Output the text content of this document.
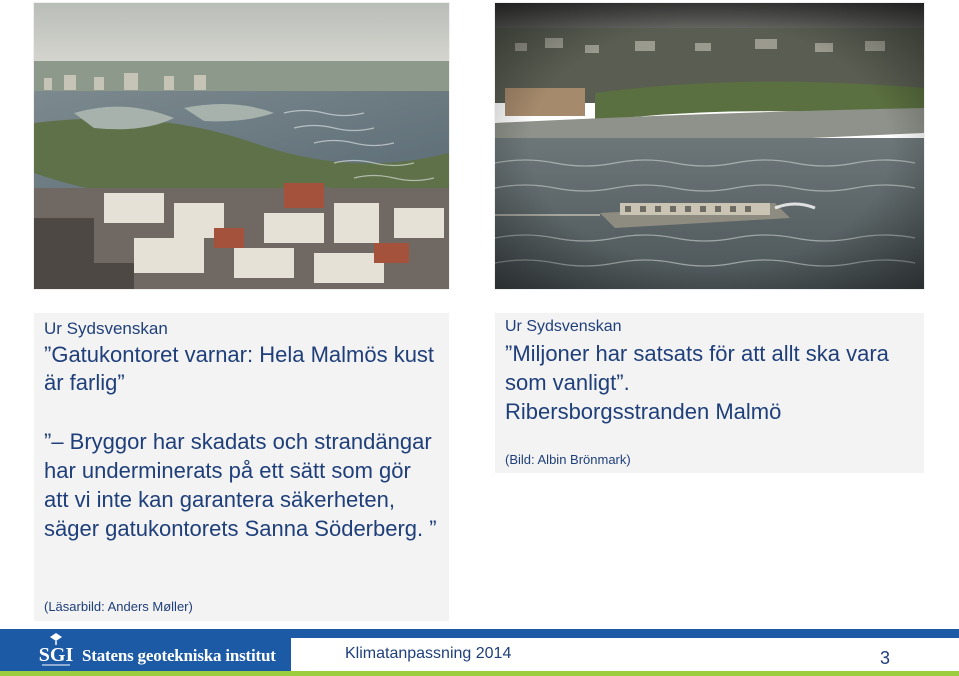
Ur Sydsvenskan

”Gatukontoret varnar: Hela Malmös kust är farlig”

”– Bryggor har skadats och strandängar har underminerats på ett sätt som gör att vi inte kan garantera säkerheten, säger gatukontorets Sanna Söderberg. ”

(Läsarbild: Anders Møller)

Ur Sydsvenskan

”Miljoner har satsats för att allt ska vara som vanligt”.

Ribersborgsstranden Malmö

(Bild: Albin Brönmark)
SGI Statens geotekniska institut	Klimatanpassning 2014	3
